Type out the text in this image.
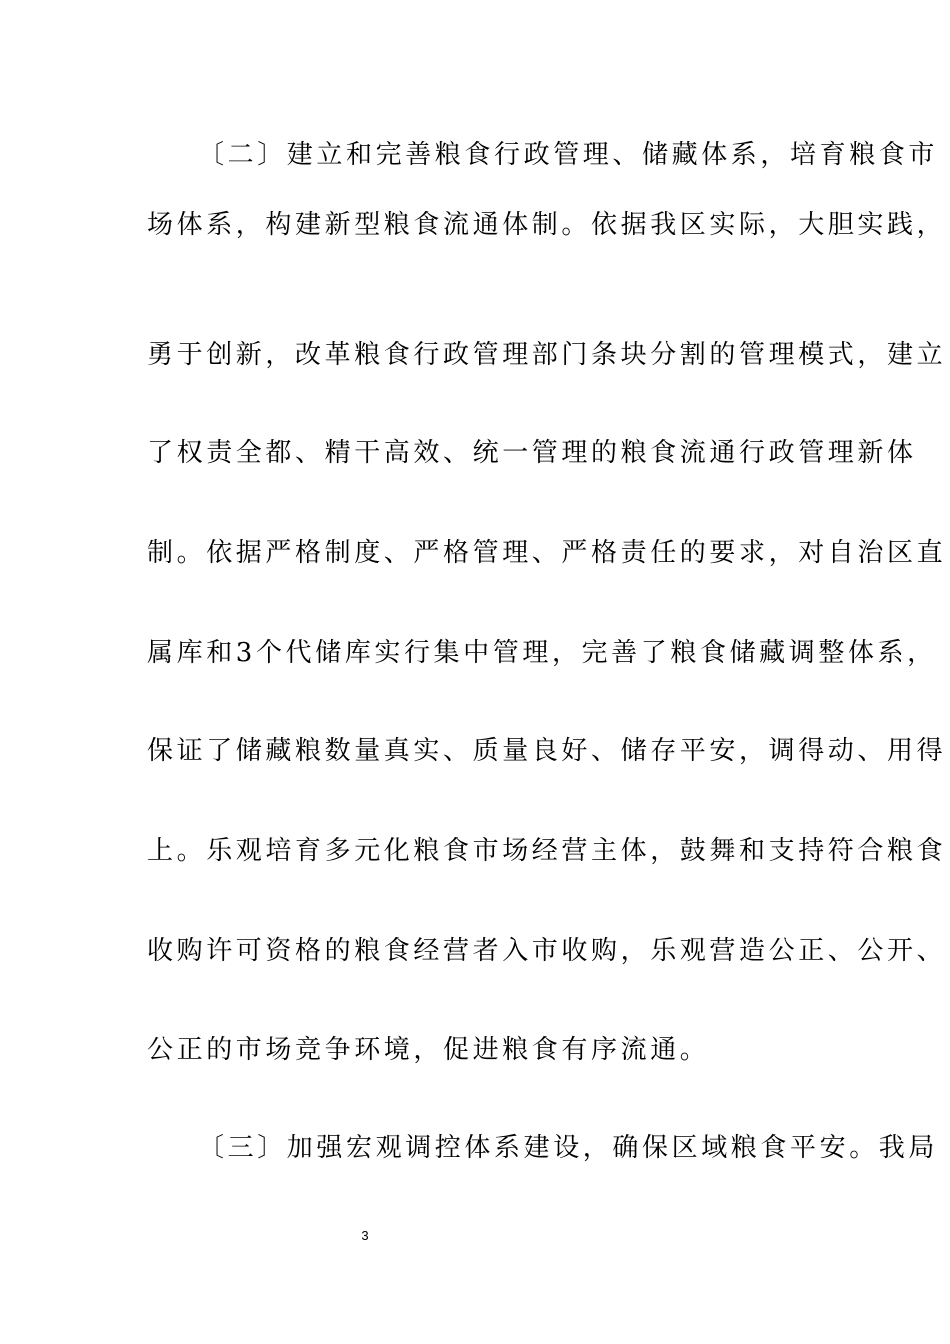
〔二〕建立和完善粮食行政管理、储藏体系，培育粮食市
场体系，构建新型粮食流通体制。依据我区实际，大胆实践，
勇于创新，改革粮食行政管理部门条块分割的管理模式，建立
了权责全都、精干高效、统一管理的粮食流通行政管理新体
制。依据严格制度、严格管理、严格责任的要求，对自治区直
属库和3个代储库实行集中管理，完善了粮食储藏调整体系，
保证了储藏粮数量真实、质量良好、储存平安，调得动、用得
上。乐观培育多元化粮食市场经营主体，鼓舞和支持符合粮食
收购许可资格的粮食经营者入市收购，乐观营造公正、公开、
公正的市场竞争环境，促进粮食有序流通。
〔三〕加强宏观调控体系建设，确保区域粮食平安。我局
3
